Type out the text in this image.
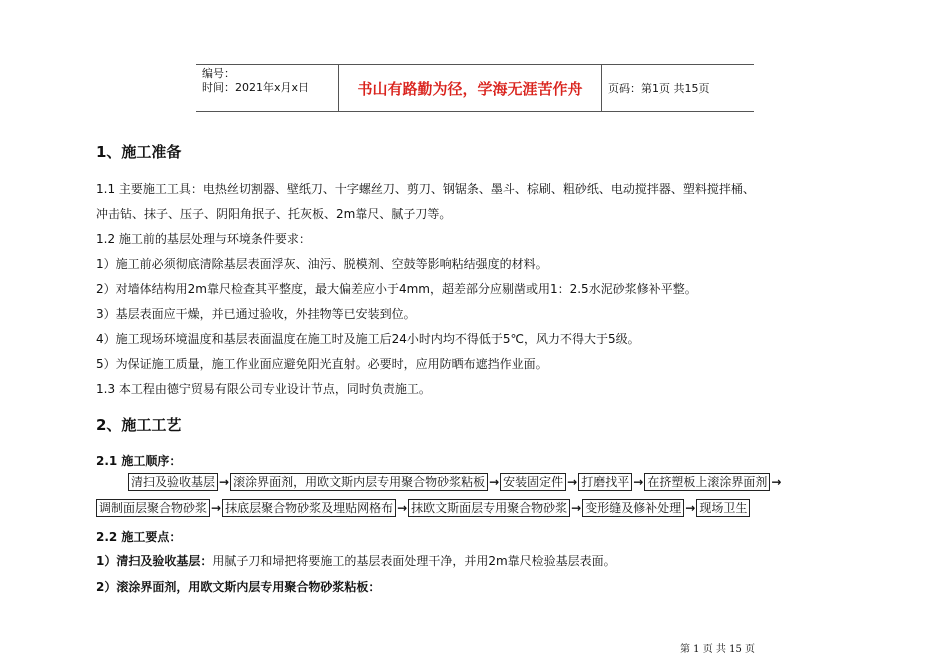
编号：
时间：2021年x月x日	书山有路勤为径，学海无涯苦作舟	页码：第1页 共15页
1、施工准备
1.1 主要施工工具：电热丝切割器、壁纸刀、十字螺丝刀、剪刀、钢锯条、墨斗、棕刷、粗砂纸、电动搅拌器、塑料搅拌桶、
冲击钻、抹子、压子、阴阳角抿子、托灰板、2m靠尺、腻子刀等。
1.2 施工前的基层处理与环境条件要求：
1）施工前必须彻底清除基层表面浮灰、油污、脱模剂、空鼓等影响粘结强度的材料。
2）对墙体结构用2m靠尺检查其平整度，最大偏差应小于4mm，超差部分应剔凿或用1：2.5水泥砂浆修补平整。
3）基层表面应干燥，并已通过验收，外挂物等已安装到位。
4）施工现场环境温度和基层表面温度在施工时及施工后24小时内均不得低于5℃，风力不得大于5级。
5）为保证施工质量，施工作业面应避免阳光直射。必要时，应用防晒布遮挡作业面。
1.3 本工程由德宁贸易有限公司专业设计节点，同时负责施工。
2、施工工艺
2.1 施工顺序：
清扫及验收基层 → 滚涂界面剂，用欧文斯内层专用聚合物砂浆粘板 → 安装固定件 → 打磨找平 → 在挤塑板上滚涂界面剂 →
调制面层聚合物砂浆 → 抹底层聚合物砂浆及埋贴网格布 → 抹欧文斯面层专用聚合物砂浆 → 变形缝及修补处理 → 现场卫生
2.2 施工要点：
1）清扫及验收基层：用腻子刀和埽把将要施工的基层表面处理干净，并用2m靠尺检验基层表面。
2）滚涂界面剂，用欧文斯内层专用聚合物砂浆粘板：
第 1 页 共 15 页
